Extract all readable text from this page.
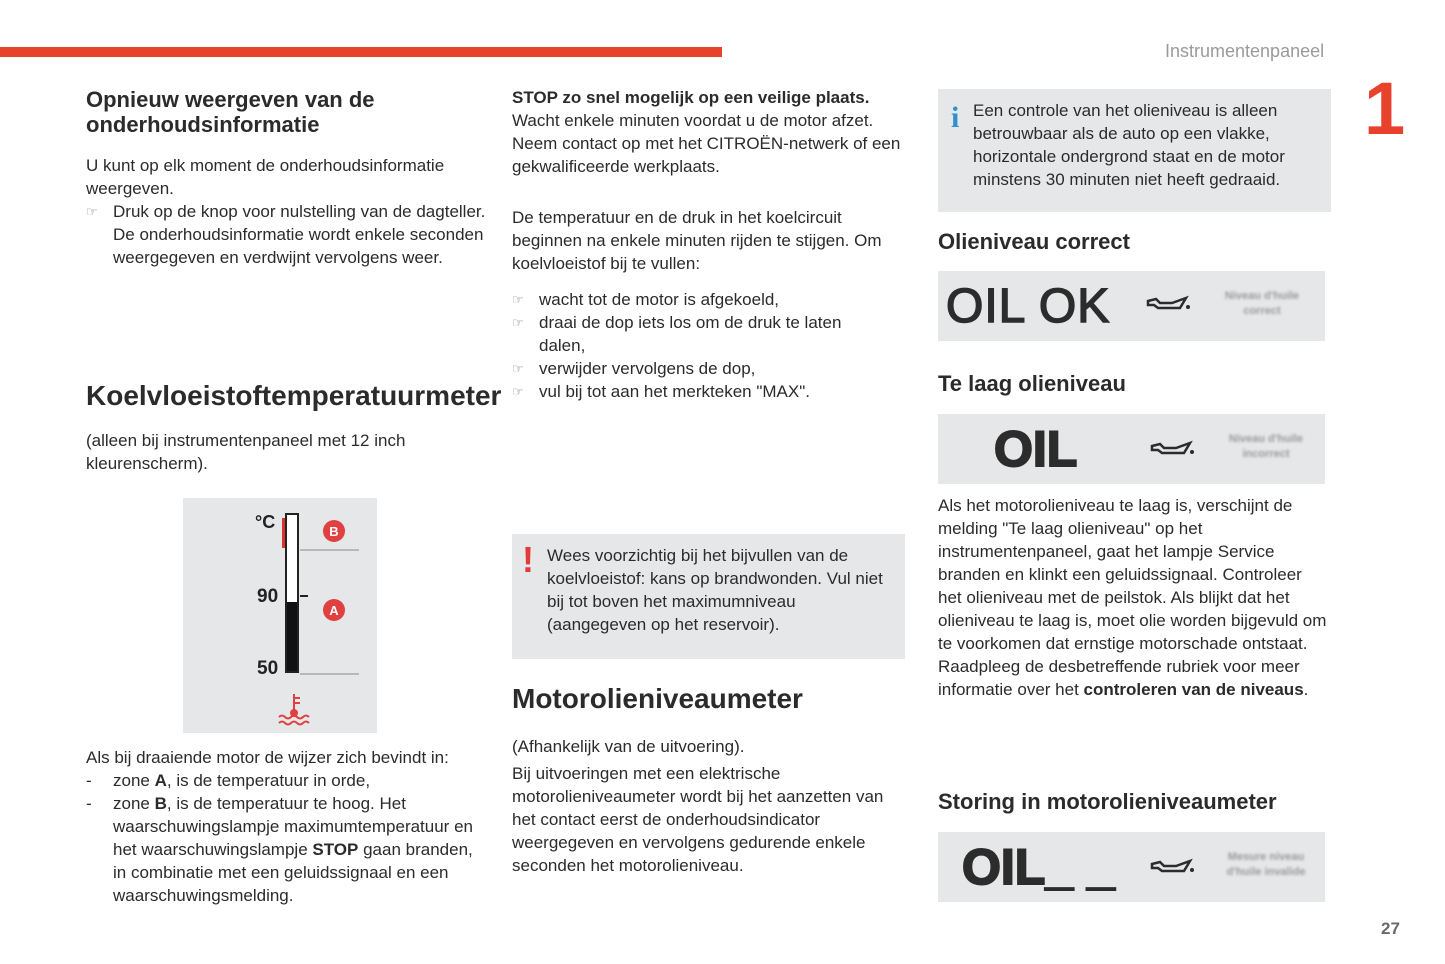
Instrumentenpaneel
1
27

Opnieuw weergeven van de onderhoudsinformatie

U kunt op elk moment de onderhoudsinformatie weergeven.

☞ Druk op de knop voor nulstelling van de dagteller.
De onderhoudsinformatie wordt enkele seconden weergegeven en verdwijnt vervolgens weer.

Koelvloeistoftemperatuurmeter

(alleen bij instrumentenpaneel met 12 inch kleurenscherm).

°C
90
50
B
A

Als bij draaiende motor de wijzer zich bevindt in:

- zone A, is de temperatuur in orde,
- zone B, is de temperatuur te hoog. Het waarschuwingslampje maximumtemperatuur en het waarschuwingslampje STOP gaan branden, in combinatie met een geluidssignaal en een waarschuwingsmelding.

STOP zo snel mogelijk op een veilige plaats. Wacht enkele minuten voordat u de motor afzet. Neem contact op met het CITROËN-netwerk of een gekwalificeerde werkplaats.

De temperatuur en de druk in het koelcircuit beginnen na enkele minuten rijden te stijgen. Om koelvloeistof bij te vullen:

☞ wacht tot de motor is afgekoeld,
☞ draai de dop iets los om de druk te laten dalen,
☞ verwijder vervolgens de dop,
☞ vul bij tot aan het merkteken "MAX".
! Wees voorzichtig bij het bijvullen van de koelvloeistof: kans op brandwonden. Vul niet bij tot boven het maximumniveau (aangegeven op het reservoir).

Motorolieniveaumeter

(Afhankelijk van de uitvoering).

Bij uitvoeringen met een elektrische motorolieniveaumeter wordt bij het aanzetten van het contact eerst de onderhoudsindicator weergegeven en vervolgens gedurende enkele seconden het motorolieniveau.

i Een controle van het olieniveau is alleen betrouwbaar als de auto op een vlakke, horizontale ondergrond staat en de motor minstens 30 minuten niet heeft gedraaid.

Olieniveau correct

OIL OK	Niveau d'huile correct

Te laag olieniveau

OIL	Niveau d'huile incorrect

Als het motorolieniveau te laag is, verschijnt de melding "Te laag olieniveau" op het instrumentenpaneel, gaat het lampje Service branden en klinkt een geluidssignaal. Controleer het olieniveau met de peilstok. Als blijkt dat het olieniveau te laag is, moet olie worden bijgevuld om te voorkomen dat ernstige motorschade ontstaat.

Raadpleeg de desbetreffende rubriek voor meer informatie over het controleren van de niveaus.

Storing in motorolieniveaumeter

OIL_ _	Mesure niveau d'huile invalide
